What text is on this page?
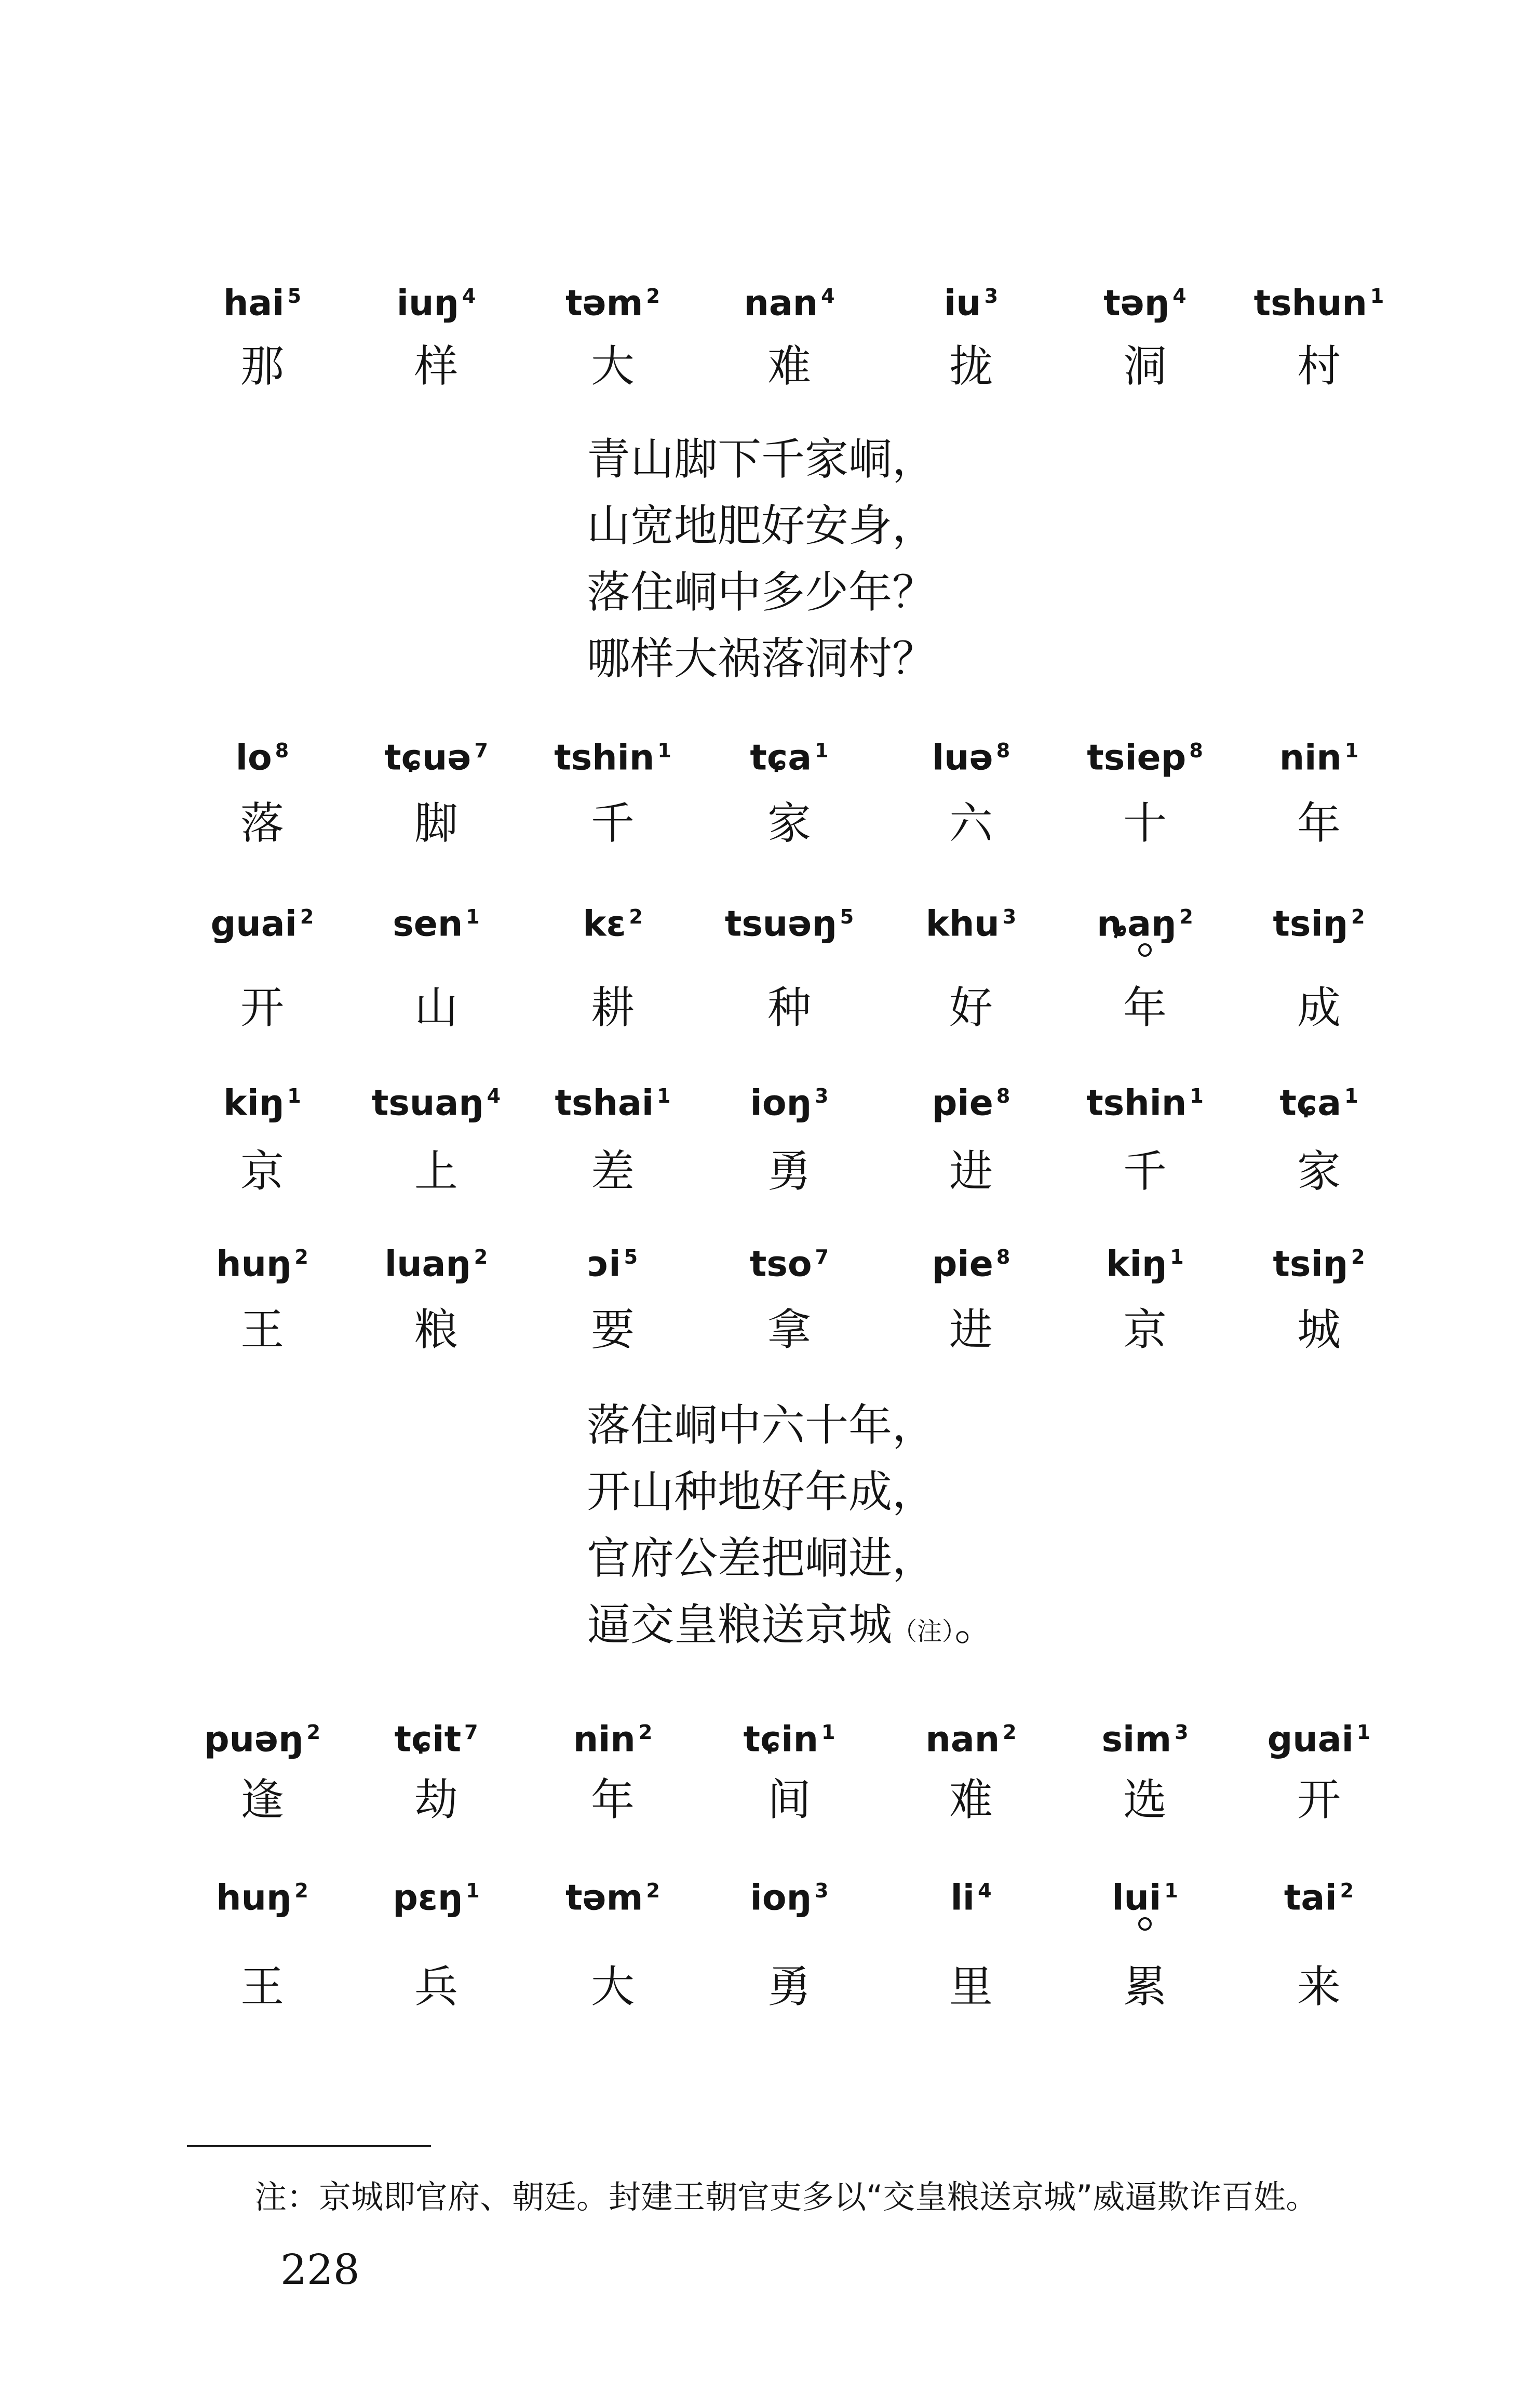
hai $^5$	iuŋ $^4$	təm $^2$	nan $^4$	iu $^3$	təŋ $^4$	tshun $^1$
那	样	大	难	拢	洞	村
青山脚下千家峒，
山宽地肥好安身，
落住峒中多少年？
哪样大祸落洞村？
lo $^8$	tɕuə $^7$	tshin $^1$	tɕa $^1$	luə $^8$	tsiep $^8$	nin $^1$
落	脚	千	家	六	十	年
guai $^2$	sen $^1$	kɛ $^2$	tsuəŋ $^5$	khu $^3$	ȵaŋ $^2$	tsiŋ $^2$
开	山	耕	种	好	年	成
kiŋ $^1$	tsuaŋ $^4$	tshai $^1$	ioŋ $^3$	pie $^8$	tshin $^1$	tɕa $^1$
京	上	差	勇	进	千	家
huŋ $^2$	luaŋ $^2$	ɔi $^5$	tso $^7$	pie $^8$	kiŋ $^1$	tsiŋ $^2$
王	粮	要	拿	进	京	城
落住峒中六十年，
开山种地好年成，
官府公差把峒进，
逼交皇粮送京城（注）。
puəŋ $^2$	tɕit $^7$	nin $^2$	tɕin $^1$	nan $^2$	sim $^3$	guai $^1$
逢	劫	年	间	难	选	开
huŋ $^2$	pɛŋ $^1$	təm $^2$	ioŋ $^3$	li $^4$	lui $^1$	tai $^2$
王	兵	大	勇	里	累	来
注：京城即官府、朝廷。封建王朝官吏多以“交皇粮送京城”威逼欺诈百姓。
228
